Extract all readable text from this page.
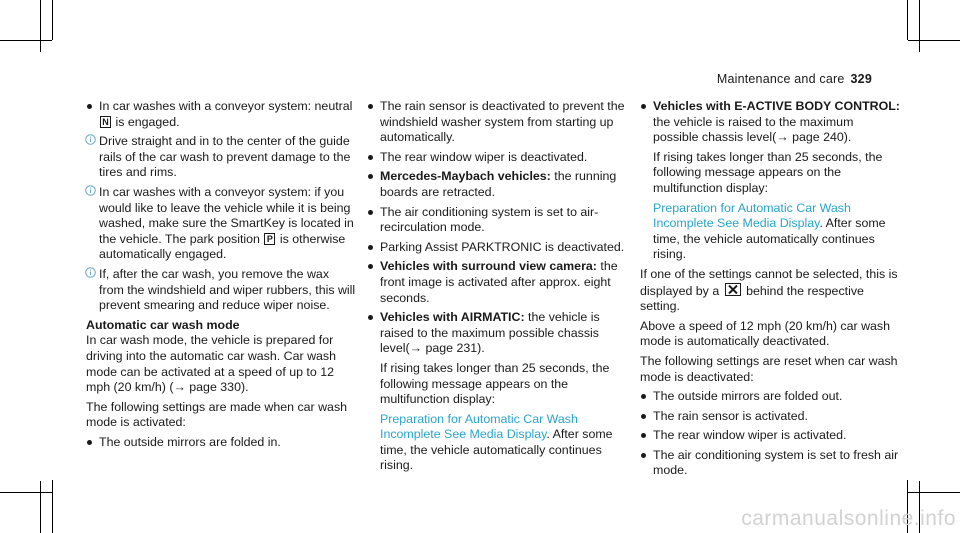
Maintenance and care 329
In car washes with a conveyor system: neutral N is engaged.
Drive straight and in to the center of the guide rails of the car wash to prevent damage to the tires and rims.
In car washes with a conveyor system: if you would like to leave the vehicle while it is being washed, make sure the SmartKey is located in the vehicle. The park position P is otherwise automatically engaged.
If, after the car wash, you remove the wax from the windshield and wiper rubbers, this will prevent smearing and reduce wiper noise.
Automatic car wash mode
In car wash mode, the vehicle is prepared for driving into the automatic car wash. Car wash mode can be activated at a speed of up to 12 mph (20 km/h) (→ page 330).
The following settings are made when car wash mode is activated:
The outside mirrors are folded in.
The rain sensor is deactivated to prevent the windshield washer system from starting up automatically.
The rear window wiper is deactivated.
Mercedes-Maybach vehicles: the running boards are retracted.
The air conditioning system is set to air-recirculation mode.
Parking Assist PARKTRONIC is deactivated.
Vehicles with surround view camera: the front image is activated after approx. eight seconds.
Vehicles with AIRMATIC: the vehicle is raised to the maximum possible chassis level(→ page 231).
If rising takes longer than 25 seconds, the following message appears on the multifunction display:
Preparation for Automatic Car Wash Incomplete See Media Display. After some time, the vehicle automatically continues rising.
Vehicles with E-ACTIVE BODY CONTROL: the vehicle is raised to the maximum possible chassis level(→ page 240).
If rising takes longer than 25 seconds, the following message appears on the multifunction display:
Preparation for Automatic Car Wash Incomplete See Media Display. After some time, the vehicle automatically continues rising.
If one of the settings cannot be selected, this is displayed by a behind the respective setting.
Above a speed of 12 mph (20 km/h) car wash mode is automatically deactivated.
The following settings are reset when car wash mode is deactivated:
The outside mirrors are folded out.
The rain sensor is activated.
The rear window wiper is activated.
The air conditioning system is set to fresh air mode.
carmanualsonline.info
